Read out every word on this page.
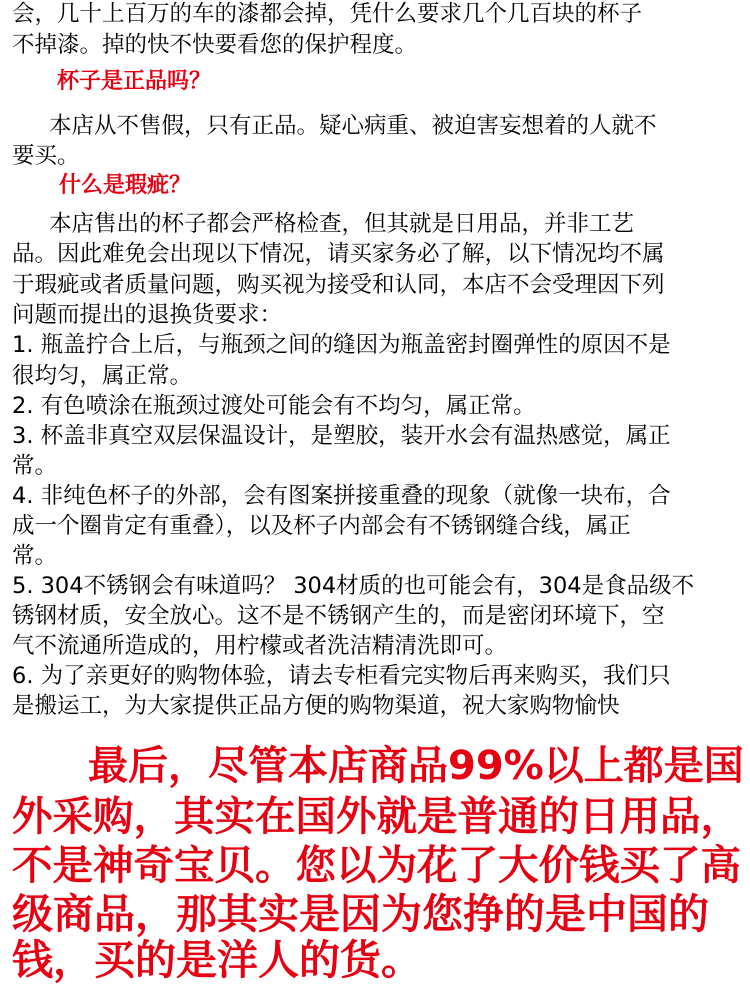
会，几十上百万的车的漆都会掉，凭什么要求几个几百块的杯子

不掉漆。掉的快不快要看您的保护程度。

杯子是正品吗？

本店从不售假，只有正品。疑心病重、被迫害妄想着的人就不

要买。

什么是瑕疵？

本店售出的杯子都会严格检查，但其就是日用品，并非工艺

品。因此难免会出现以下情况，请买家务必了解，以下情况均不属

于瑕疵或者质量问题，购买视为接受和认同，本店不会受理因下列

问题而提出的退换货要求：

1. 瓶盖拧合上后，与瓶颈之间的缝因为瓶盖密封圈弹性的原因不是

很均匀，属正常。

2. 有色喷涂在瓶颈过渡处可能会有不均匀，属正常。

3. 杯盖非真空双层保温设计，是塑胶，装开水会有温热感觉，属正

常。

4. 非纯色杯子的外部，会有图案拼接重叠的现象（就像一块布，合

成一个圈肯定有重叠），以及杯子内部会有不锈钢缝合线，属正

常。

5. 304不锈钢会有味道吗？ 304材质的也可能会有，304是食品级不

锈钢材质，安全放心。这不是不锈钢产生的，而是密闭环境下，空

气不流通所造成的，用柠檬或者洗洁精清洗即可。

6. 为了亲更好的购物体验，请去专柜看完实物后再来购买，我们只

是搬运工，为大家提供正品方便的购物渠道，祝大家购物愉快

最后，尽管本店商品99%以上都是国

外采购，其实在国外就是普通的日用品，

不是神奇宝贝。您以为花了大价钱买了高

级商品，那其实是因为您挣的是中国的

钱，买的是洋人的货。
